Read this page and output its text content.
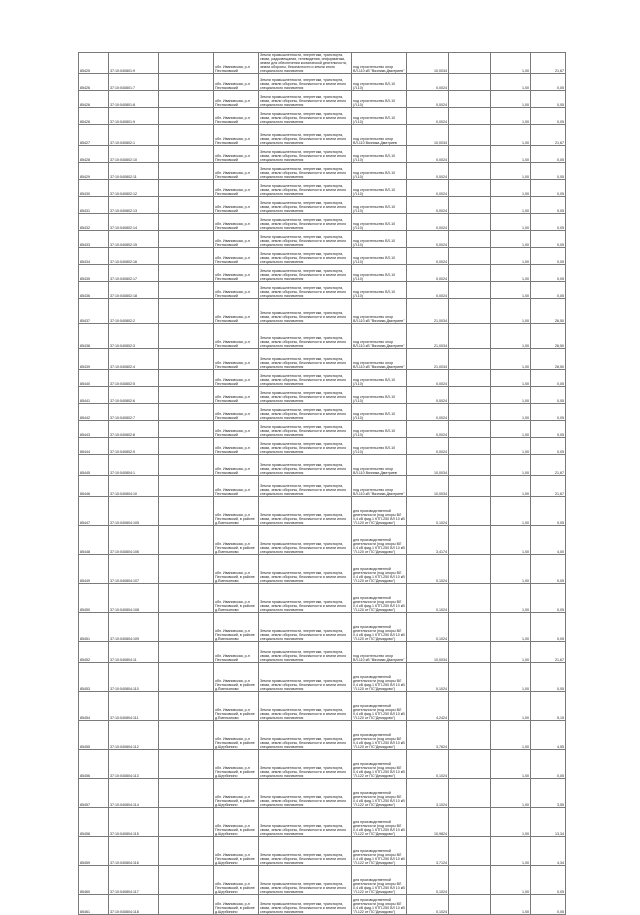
85425	37:10:040801:9		обл. Ивановская, р-н Пестяковский	Земли промышленности, энергетики, транспорта, связи, радиовещания, телевидения, информатики, земли для обеспечения космической деятельности, земли обороны, безопасности и земли иного специального назначения	под строительство опор ВЛ-110 кВ "Вязники-Дмитриев"	10,0034		1,00	21,67
85426	37:10:040801:7		обл. Ивановская, р-н Пестяковский	Земли промышленности, энергетики, транспорта, связи, земли обороны, безопасности и земли иного специального назначения	под строительство ВЛ-10 (Л-10)	0,0024		1,00	0,05
85426	37:10:040801:8		обл. Ивановская, р-н Пестяковский	Земли промышленности, энергетики, транспорта, связи, земли обороны, безопасности и земли иного специального назначения	под строительство ВЛ-10 (Л-10)	0,0024		1,00	0,05
85426	37:10:040801:9		обл. Ивановская, р-н Пестяковский	Земли промышленности, энергетики, транспорта, связи, земли обороны, безопасности и земли иного специального назначения	под строительство ВЛ-10 (Л-10)	0,0024		1,00	0,05
85427	37:10:040802:1		обл. Ивановская, р-н Пестяковский	Земли промышленности, энергетики, транспорта, связи, земли обороны, безопасности и земли иного специального назначения	под строительство опор ВЛ-110 Вязники-Дмитриев	10,0034		1,00	21,67
85428	37:10:040802:10		обл. Ивановская, р-н Пестяковский	Земли промышленности, энергетики, транспорта, связи, земли обороны, безопасности и земли иного специального назначения	под строительство ВЛ-10 (Л-10)	0,0024		1,00	0,05
85429	37:10:040802:11		обл. Ивановская, р-н Пестяковский	Земли промышленности, энергетики, транспорта, связи, земли обороны, безопасности и земли иного специального назначения	под строительство ВЛ-10 (Л-10)	0,0024		1,00	0,05
85430	37:10:040802:12		обл. Ивановская, р-н Пестяковский	Земли промышленности, энергетики, транспорта, связи, земли обороны, безопасности и земли иного специального назначения	под строительство ВЛ-10 (Л-10)	0,0024		1,00	0,05
85431	37:10:040802:13		обл. Ивановская, р-н Пестяковский	Земли промышленности, энергетики, транспорта, связи, земли обороны, безопасности и земли иного специального назначения	под строительство ВЛ-10 (Л-10)	0,0024		1,00	0,05
85432	37:10:040802:14		обл. Ивановская, р-н Пестяковский	Земли промышленности, энергетики, транспорта, связи, земли обороны, безопасности и земли иного специального назначения	под строительство ВЛ-10 (Л-10)	0,0024		1,00	0,05
85433	37:10:040802:15		обл. Ивановская, р-н Пестяковский	Земли промышленности, энергетики, транспорта, связи, земли обороны, безопасности и земли иного специального назначения	под строительство ВЛ-10 (Л-10)	0,0024		1,00	0,05
85434	37:10:040802:16		обл. Ивановская, р-н Пестяковский	Земли промышленности, энергетики, транспорта, связи, земли обороны, безопасности и земли иного специального назначения	под строительство ВЛ-10 (Л-10)	0,0024		1,00	0,05
85435	37:10:040802:17		обл. Ивановская, р-н Пестяковский	Земли промышленности, энергетики, транспорта, связи, земли обороны, безопасности и земли иного специального назначения	под строительство ВЛ-10 (Л-10)	0,0024		1,00	0,05
85436	37:10:040802:18		обл. Ивановская, р-н Пестяковский	Земли промышленности, энергетики, транспорта, связи, земли обороны, безопасности и земли иного специального назначения	под строительство ВЛ-10 (Л-10)	0,0024		1,00	0,05
85437	37:10:040802:2		обл. Ивановская, р-н Пестяковский	Земли промышленности, энергетики, транспорта, связи, земли обороны, безопасности и земли иного специального назначения	под строительство опор ВЛ-110 кВ "Вязники-Дмитриев"	21,0034		1,00	26,50
85438	37:10:040802:3		обл. Ивановская, р-н Пестяковский	Земли промышленности, энергетики, транспорта, связи, земли обороны, безопасности и земли иного специального назначения	под строительство опор ВЛ-110 кВ "Вязники-Дмитриев"	21,0034		1,00	26,50
85439	37:10:040802:4		обл. Ивановская, р-н Пестяковский	Земли промышленности, энергетики, транспорта, связи, земли обороны, безопасности и земли иного специального назначения	под строительство опор ВЛ-110 кВ "Вязники-Дмитриев"	21,0034		1,00	26,50
85440	37:10:040802:5		обл. Ивановская, р-н Пестяковский	Земли промышленности, энергетики, транспорта, связи, земли обороны, безопасности и земли иного специального назначения	под строительство ВЛ-10 (Л-10)	0,0024		1,00	0,05
85441	37:10:040802:6		обл. Ивановская, р-н Пестяковский	Земли промышленности, энергетики, транспорта, связи, земли обороны, безопасности и земли иного специального назначения	под строительство ВЛ-10 (Л-10)	0,0024		1,00	0,05
85442	37:10:040802:7		обл. Ивановская, р-н Пестяковский	Земли промышленности, энергетики, транспорта, связи, земли обороны, безопасности и земли иного специального назначения	под строительство ВЛ-10 (Л-10)	0,0024		1,00	0,05
85443	37:10:040802:8		обл. Ивановская, р-н Пестяковский	Земли промышленности, энергетики, транспорта, связи, земли обороны, безопасности и земли иного специального назначения	под строительство ВЛ-10 (Л-10)	0,0024		1,00	0,05
85444	37:10:040802:9		обл. Ивановская, р-н Пестяковский	Земли промышленности, энергетики, транспорта, связи, земли обороны, безопасности и земли иного специального назначения	под строительство ВЛ-10 (Л-10)	0,0024		1,00	0,05
85445	37:10:040804:1		обл. Ивановская, р-н Пестяковский	Земли промышленности, энергетики, транспорта, связи, земли обороны, безопасности и земли иного специального назначения	под строительство опор ВЛ-110 Вязники-Дмитриев	10,0034		1,00	21,67
85446	37:10:040804:10		обл. Ивановская, р-н Пестяковский	Земли промышленности, энергетики, транспорта, связи, земли обороны, безопасности и земли иного специального назначения	под строительство опор ВЛ-110 кВ "Вязники-Дмитриев"	10,0034		1,00	21,67
85447	37:10:040804:105		обл. Ивановская, р-н Пестяковский, в районе д.Ёмельяново	Земли промышленности, энергетики, транспорта, связи, земли обороны, безопасности и земли иного специального назначения	для производственной деятельности (под опоры ВЛ 0,4 кВ фид.1 КТП-250 ВЛ 10 кВ "Л-120 от ПС"Демидово")	0,1024		1,00	0,05
85448	37:10:040804:106		обл. Ивановская, р-н Пестяковский, в районе д.Ёмельяново	Земли промышленности, энергетики, транспорта, связи, земли обороны, безопасности и земли иного специального назначения	для производственной деятельности (под опоры ВЛ 0,4 кВ фид.1 КТП-250 ВЛ 10 кВ "Л-120 от ПС"Демидово")	3,4174		1,00	4,00
85449	37:10:040804:107		обл. Ивановская, р-н Пестяковский, в районе д.Ёмельяново	Земли промышленности, энергетики, транспорта, связи, земли обороны, безопасности и земли иного специального назначения	для производственной деятельности (под опоры ВЛ 0,4 кВ фид.1 КТП-250 ВЛ 10 кВ "Л-120 от ПС"Демидово")	0,1024		1,00	0,05
85450	37:10:040804:108		обл. Ивановская, р-н Пестяковский, в районе д.Ёмельяново	Земли промышленности, энергетики, транспорта, связи, земли обороны, безопасности и земли иного специального назначения	для производственной деятельности (под опоры ВЛ 0,4 кВ фид.1 КТП-250 ВЛ 10 кВ "Л-120 от ПС"Демидово")	0,1024		1,00	0,05
85451	37:10:040804:109		обл. Ивановская, р-н Пестяковский, в районе д.Ёмельяново	Земли промышленности, энергетики, транспорта, связи, земли обороны, безопасности и земли иного специального назначения	для производственной деятельности (под опоры ВЛ 0,4 кВ фид.1 КТП-250 ВЛ 10 кВ "Л-120 от ПС"Демидово")	0,1024		1,00	0,05
85452	37:10:040804:11		обл. Ивановская, р-н Пестяковский	Земли промышленности, энергетики, транспорта, связи, земли обороны, безопасности и земли иного специального назначения	под строительство опор ВЛ-110 кВ "Вязники-Дмитриев"	10,0034		1,00	21,67
85453	37:10:040804:110		обл. Ивановская, р-н Пестяковский, в районе д.Ёмельяново	Земли промышленности, энергетики, транспорта, связи, земли обороны, безопасности и земли иного специального назначения	для производственной деятельности (под опоры ВЛ 0,4 кВ фид.1 КТП-250 ВЛ 10 кВ "Л-120 от ПС"Демидово")	0,1024		1,00	0,05
85454	37:10:040804:111		обл. Ивановская, р-н Пестяковский, в районе д.Ёмельяново	Земли промышленности, энергетики, транспорта, связи, земли обороны, безопасности и земли иного специального назначения	для производственной деятельности (под опоры ВЛ 0,4 кВ фид.1 КТП-250 ВЛ 10 кВ "Л-120 от ПС"Демидово")	4,2424		1,00	5,15
85455	37:10:040804:112		обл. Ивановская, р-н Пестяковский, в районе д.Щербинино	Земли промышленности, энергетики, транспорта, связи, земли обороны, безопасности и земли иного специального назначения	для производственной деятельности (под опоры ВЛ 0,4 кВ фид.1 КТП-250 ВЛ 10 кВ "Л-120 от ПС"Демидово")	3,7624		1,00	4,55
85456	37:10:040804:113		обл. Ивановская, р-н Пестяковский, в районе д.Щербинино	Земли промышленности, энергетики, транспорта, связи, земли обороны, безопасности и земли иного специального назначения	для производственной деятельности (под опоры ВЛ 0,4 кВ фид.1 КТП-250 ВЛ 10 кВ "Л-122 от ПС"Демидово")	0,1024		1,00	0,05
85457	37:10:040804:114		обл. Ивановская, р-н Пестяковский, в районе д.Щербинино	Земли промышленности, энергетики, транспорта, связи, земли обороны, безопасности и земли иного специального назначения	для производственной деятельности (под опоры ВЛ 0,4 кВ фид.1 КТП-250 ВЛ 10 кВ "Л-122 от ПС"Демидово")	3,1024		1,00	3,55
85458	37:10:040804:115		обл. Ивановская, р-н Пестяковский, в районе д.Щербинино	Земли промышленности, энергетики, транспорта, связи, земли обороны, безопасности и земли иного специального назначения	для производственной деятельности (под опоры ВЛ 0,4 кВ фид.1 КТП-250 ВЛ 10 кВ "Л-122 от ПС"Демидово")	10,9824		1,00	13,34
85459	37:10:040804:116		обл. Ивановская, р-н Пестяковский, в районе д.Щербинино	Земли промышленности, энергетики, транспорта, связи, земли обороны, безопасности и земли иного специального назначения	для производственной деятельности (под опоры ВЛ 0,4 кВ фид.1 КТП-250 ВЛ 10 кВ "Л-122 от ПС"Демидово")	3,7124		1,00	4,34
85460	37:10:040804:117		обл. Ивановская, р-н Пестяковский, в районе д.Щербинино	Земли промышленности, энергетики, транспорта, связи, земли обороны, безопасности и земли иного специального назначения	для производственной деятельности (под опоры ВЛ 0,4 кВ фид.1 КТП-250 ВЛ 10 кВ "Л-122 от ПС"Демидово")	0,1024		1,00	0,05
85461	37:10:040804:118		обл. Ивановская, р-н Пестяковский, в районе д.Щербинино	Земли промышленности, энергетики, транспорта, связи, земли обороны, безопасности и земли иного специального назначения	для производственной деятельности (под опоры ВЛ 0,4 кВ фид.1 КТП-250 ВЛ 10 кВ "Л-122 от ПС"Демидово")	0,1024		1,00	0,05
